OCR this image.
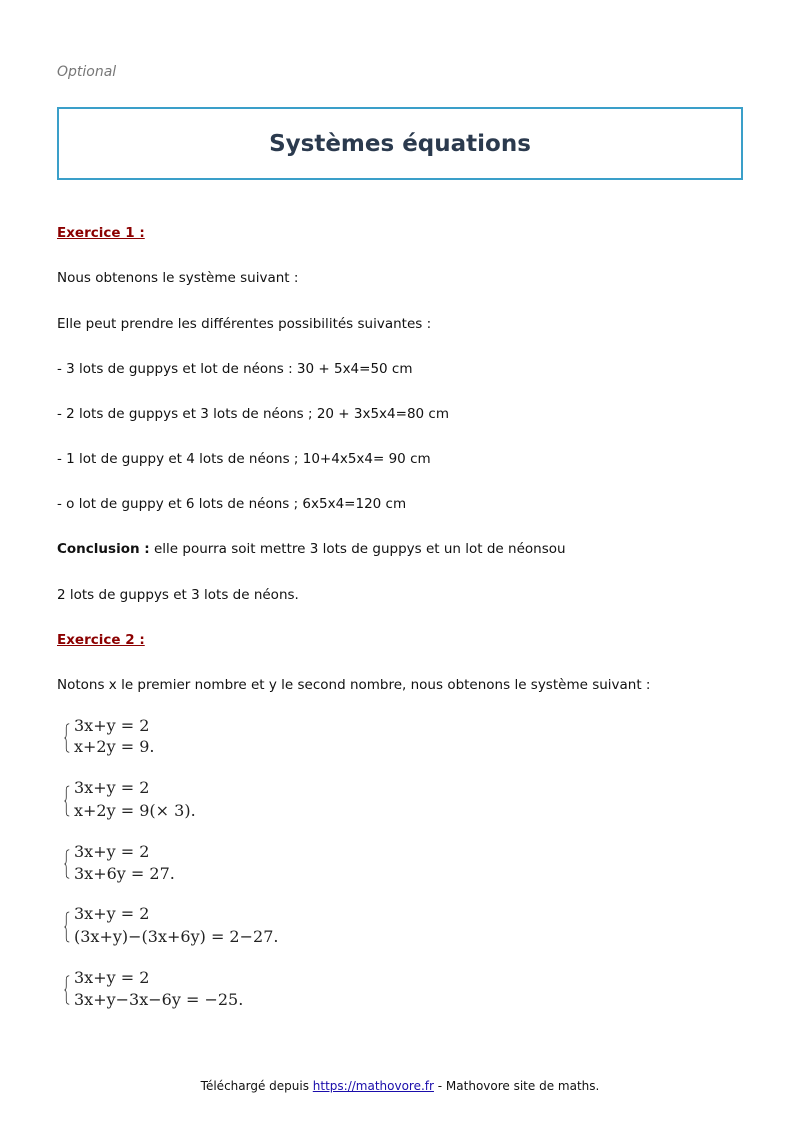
Optional
Systèmes équations
Exercice 1 :
Nous obtenons le système suivant :
Elle peut prendre les différentes possibilités suivantes :
- 3 lots de guppys et lot de néons : 30 + 5x4=50 cm
- 2 lots de guppys et 3 lots de néons ; 20 + 3x5x4=80 cm
- 1 lot de guppy et 4 lots de néons ; 10+4x5x4= 90 cm
- o lot de guppy et 6 lots de néons ; 6x5x4=120 cm
Conclusion : elle pourra soit mettre 3 lots de guppys et un lot de néonsou
2 lots de guppys et 3 lots de néons.
Exercice 2 :
Notons x le premier nombre et y le second nombre, nous obtenons le système suivant :
3x+y = 2
x+2y = 9.
3x+y = 2
x+2y = 9(× 3).
3x+y = 2
3x+6y = 27.
3x+y = 2
(3x+y)−(3x+6y) = 2−27.
3x+y = 2
3x+y−3x−6y = −25.
Téléchargé depuis https://mathovore.fr - Mathovore site de maths.
